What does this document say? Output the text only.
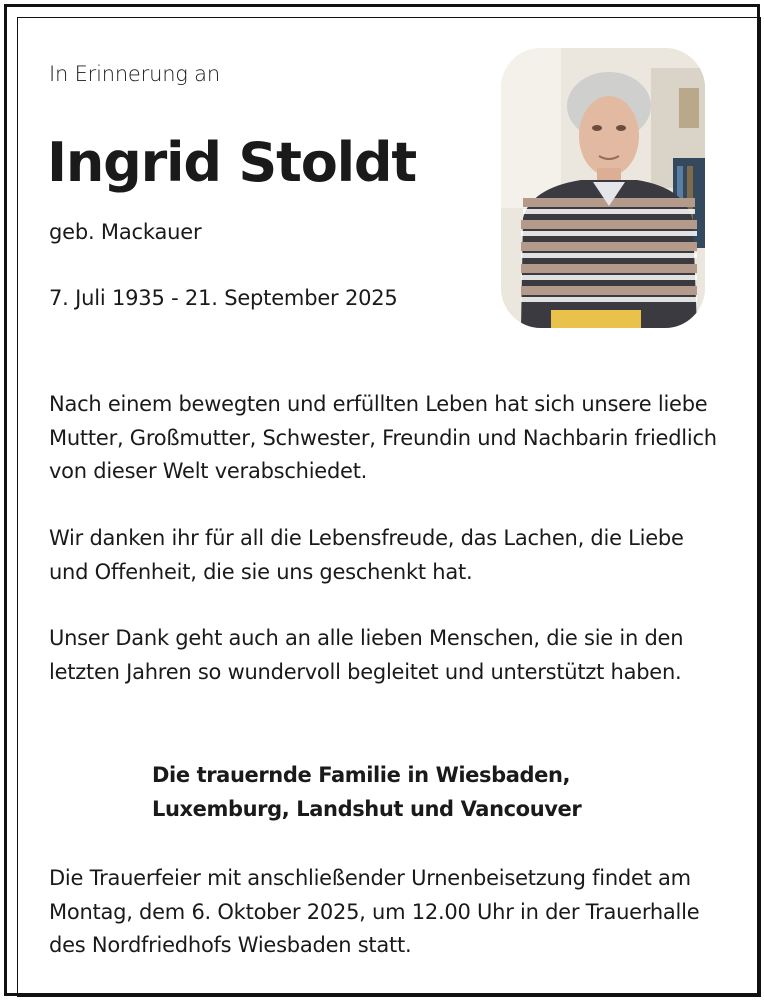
In Erinnerung an
Ingrid Stoldt
geb. Mackauer
7. Juli 1935 - 21. September 2025

Nach einem bewegten und erfüllten Leben hat sich unsere liebe Mutter, Großmutter, Schwester, Freundin und Nachbarin friedlich von dieser Welt verabschiedet.

Wir danken ihr für all die Lebensfreude, das Lachen, die Liebe und Offenheit, die sie uns geschenkt hat.

Unser Dank geht auch an alle lieben Menschen, die sie in den letzten Jahren so wundervoll begleitet und unterstützt haben.

Die trauernde Familie in Wiesbaden,
Luxemburg, Landshut und Vancouver

Die Trauerfeier mit anschließender Urnenbeisetzung findet am Montag, dem 6. Oktober 2025, um 12.00 Uhr in der Trauerhalle des Nordfriedhofs Wiesbaden statt.
